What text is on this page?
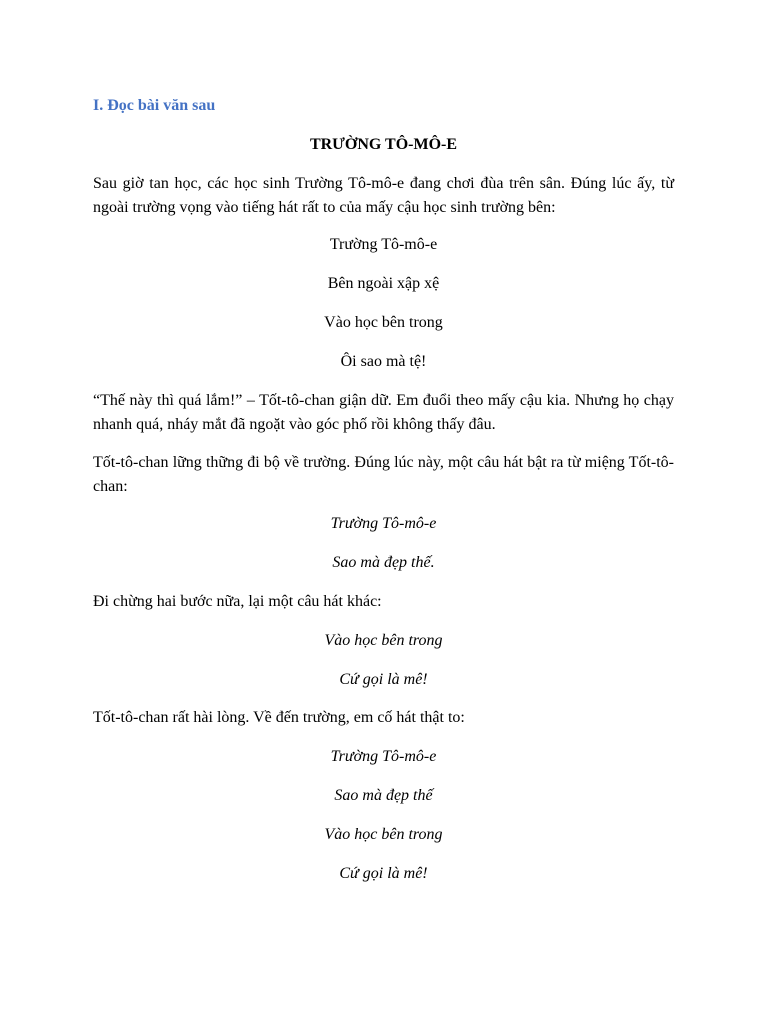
I. Đọc bài văn sau
TRƯỜNG TÔ-MÔ-E
Sau giờ tan học, các học sinh Trường Tô-mô-e đang chơi đùa trên sân. Đúng lúc ấy, từ ngoài trường vọng vào tiếng hát rất to của mấy cậu học sinh trường bên:
Trường Tô-mô-e
Bên ngoài xập xệ
Vào học bên trong
Ôi sao mà tệ!
“Thế này thì quá lắm!” – Tốt-tô-chan giận dữ. Em đuổi theo mấy cậu kia. Nhưng họ chạy nhanh quá, nháy mắt đã ngoặt vào góc phố rồi không thấy đâu.
Tốt-tô-chan lững thững đi bộ về trường. Đúng lúc này, một câu hát bật ra từ miệng Tốt-tô-chan:
Trường Tô-mô-e
Sao mà đẹp thế.
Đi chừng hai bước nữa, lại một câu hát khác:
Vào học bên trong
Cứ gọi là mê!
Tốt-tô-chan rất hài lòng. Về đến trường, em cố hát thật to:
Trường Tô-mô-e
Sao mà đẹp thế
Vào học bên trong
Cứ gọi là mê!
